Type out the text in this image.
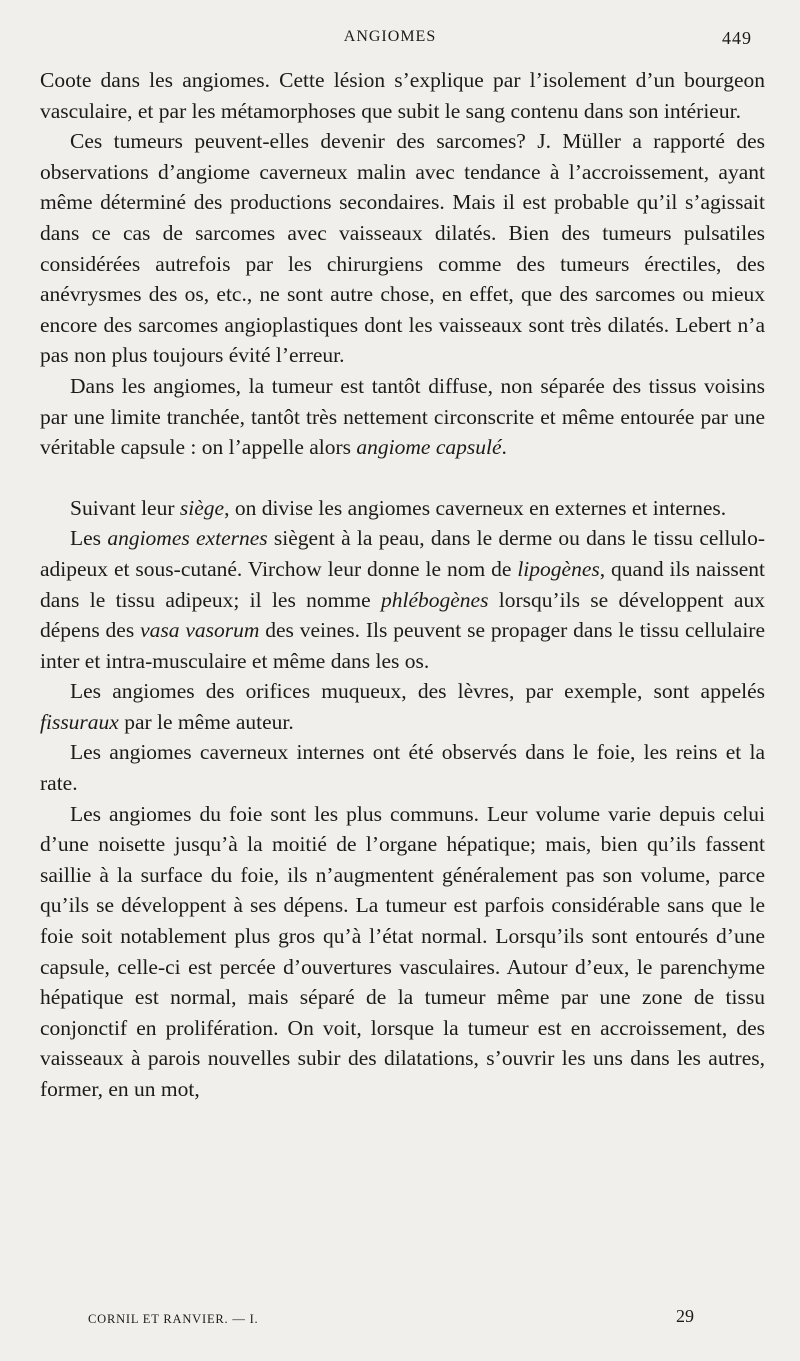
ANGIOMES	449

Coote dans les angiomes. Cette lésion s’explique par l’isolement d’un bourgeon vasculaire, et par les métamorphoses que subit le sang contenu dans son intérieur.

Ces tumeurs peuvent-elles devenir des sarcomes? J. Müller a rapporté des observations d’angiome caverneux malin avec tendance à l’accroissement, ayant même déterminé des productions secondaires. Mais il est probable qu’il s’agissait dans ce cas de sarcomes avec vaisseaux dilatés. Bien des tumeurs pulsatiles considérées autrefois par les chirurgiens comme des tumeurs érectiles, des anévrysmes des os, etc., ne sont autre chose, en effet, que des sarcomes ou mieux encore des sarcomes angioplastiques dont les vaisseaux sont très dilatés. Lebert n’a pas non plus toujours évité l’erreur.

Dans les angiomes, la tumeur est tantôt diffuse, non séparée des tissus voisins par une limite tranchée, tantôt très nettement circonscrite et même entourée par une véritable capsule : on l’appelle alors angiome capsulé.

Suivant leur siège, on divise les angiomes caverneux en externes et internes.

Les angiomes externes siègent à la peau, dans le derme ou dans le tissu cellulo-adipeux et sous-cutané. Virchow leur donne le nom de lipogènes, quand ils naissent dans le tissu adipeux; il les nomme phlébogènes lorsqu’ils se développent aux dépens des vasa vasorum des veines. Ils peuvent se propager dans le tissu cellulaire inter et intra-musculaire et même dans les os.

Les angiomes des orifices muqueux, des lèvres, par exemple, sont appelés fissuraux par le même auteur.

Les angiomes caverneux internes ont été observés dans le foie, les reins et la rate.

Les angiomes du foie sont les plus communs. Leur volume varie depuis celui d’une noisette jusqu’à la moitié de l’organe hépatique; mais, bien qu’ils fassent saillie à la surface du foie, ils n’augmentent généralement pas son volume, parce qu’ils se développent à ses dépens. La tumeur est parfois considérable sans que le foie soit notablement plus gros qu’à l’état normal. Lorsqu’ils sont entourés d’une capsule, celle-ci est percée d’ouvertures vasculaires. Autour d’eux, le parenchyme hépatique est normal, mais séparé de la tumeur même par une zone de tissu conjonctif en prolifération. On voit, lorsque la tumeur est en accroissement, des vaisseaux à parois nouvelles subir des dilatations, s’ouvrir les uns dans les autres, former, en un mot,

CORNIL ET RANVIER. — I.	29
